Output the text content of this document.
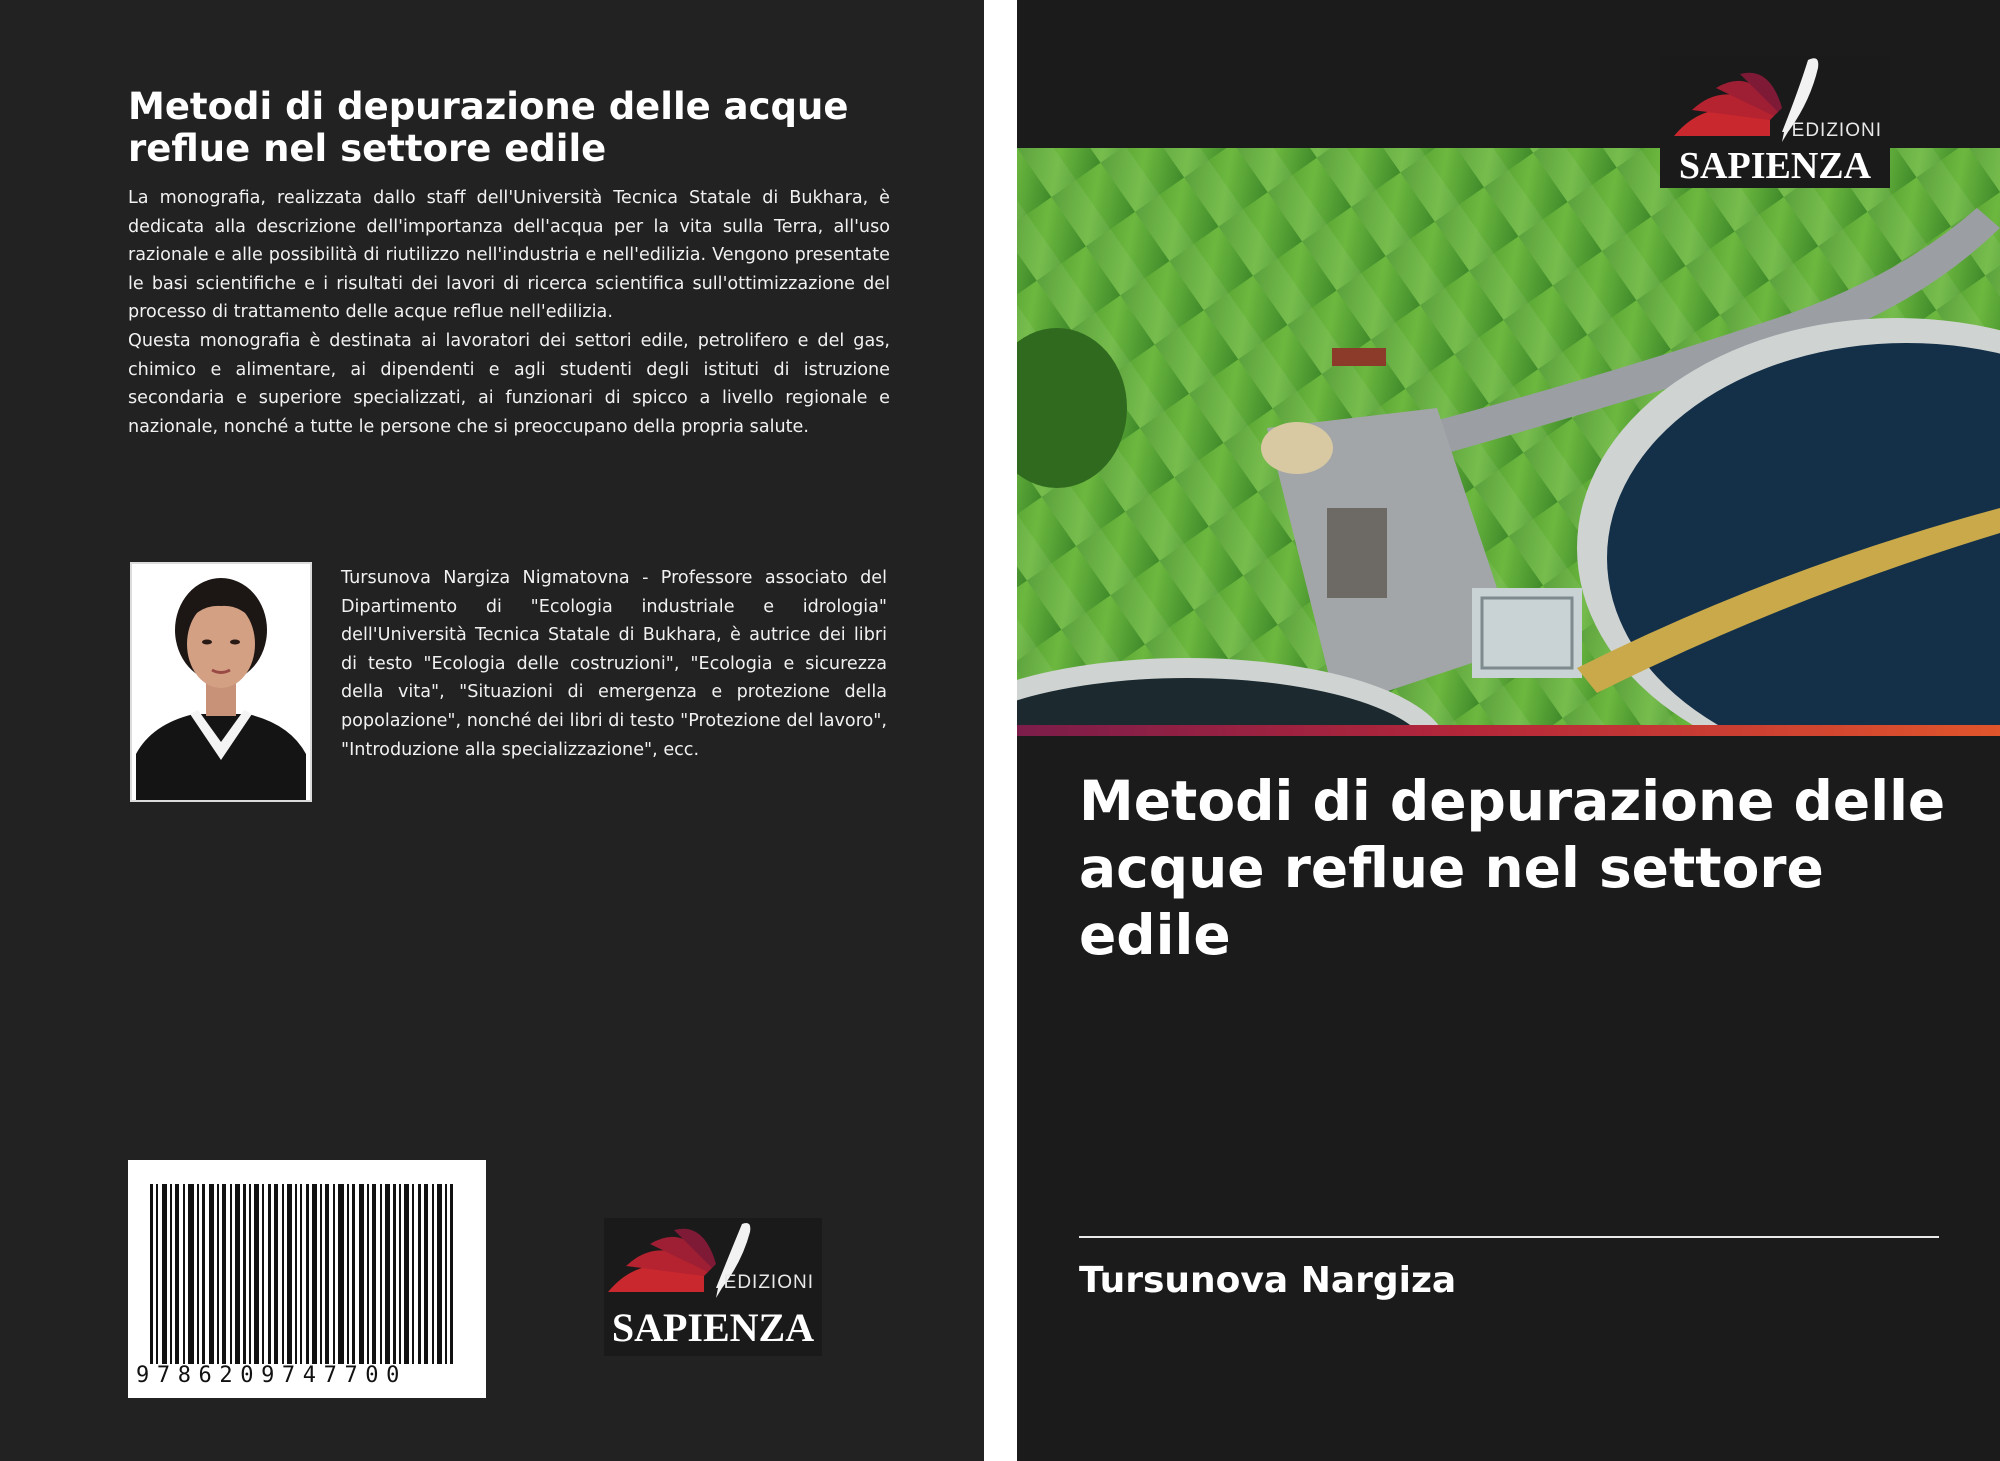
Metodi di depurazione delle acque reflue nel settore edile

La monografia, realizzata dallo staff dell'Università Tecnica Statale di Bukhara, è dedicata alla descrizione dell'importanza dell'acqua per la vita sulla Terra, all'uso razionale e alle possibilità di riutilizzo nell'industria e nell'edilizia. Vengono presentate le basi scientifiche e i risultati dei lavori di ricerca scientifica sull'ottimizzazione del processo di trattamento delle acque reflue nell'edilizia.

Questa monografia è destinata ai lavoratori dei settori edile, petrolifero e del gas, chimico e alimentare, ai dipendenti e agli studenti degli istituti di istruzione secondaria e superiore specializzati, ai funzionari di spicco a livello regionale e nazionale, nonché a tutte le persone che si preoccupano della propria salute.

Tursunova Nargiza Nigmatovna - Professore associato del Dipartimento di "Ecologia industriale e idrologia" dell'Università Tecnica Statale di Bukhara, è autrice dei libri di testo "Ecologia delle costruzioni", "Ecologia e sicurezza della vita", "Situazioni di emergenza e protezione della popolazione", nonché dei libri di testo "Protezione del lavoro", "Introduzione alla specializzazione", ecc.

9786209747700
EDIZIONI
SAPIENZA
EDIZIONI
SAPIENZA
Metodi di depurazione delle acque reflue nel settore edile
Tursunova Nargiza
